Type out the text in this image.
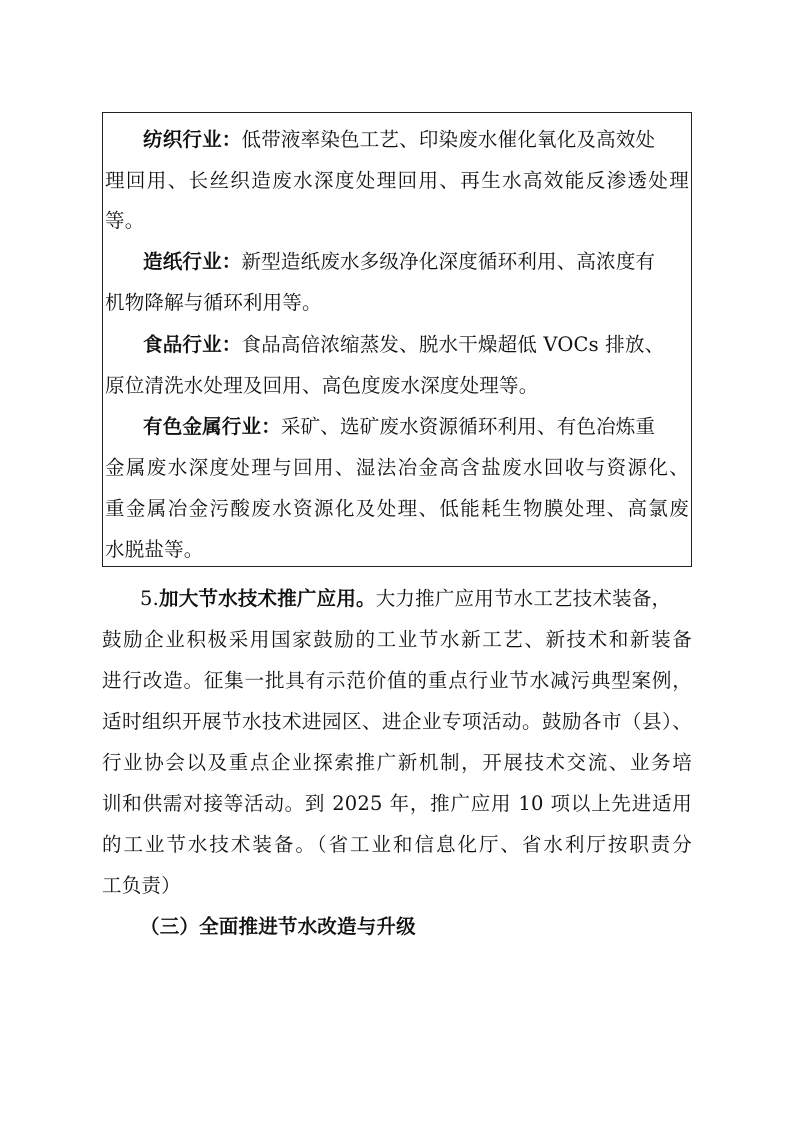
纺织行业：低带液率染色工艺、印染废水催化氧化及高效处
理回用、长丝织造废水深度处理回用、再生水高效能反渗透处理
等。
造纸行业：新型造纸废水多级净化深度循环利用、高浓度有
机物降解与循环利用等。
食品行业：食品高倍浓缩蒸发、脱水干燥超低 VOCs 排放、
原位清洗水处理及回用、高色度废水深度处理等。
有色金属行业：采矿、选矿废水资源循环利用、有色冶炼重
金属废水深度处理与回用、湿法冶金高含盐废水回收与资源化、
重金属冶金污酸废水资源化及处理、低能耗生物膜处理、高氯废
水脱盐等。
5.加大节水技术推广应用。大力推广应用节水工艺技术装备，
鼓励企业积极采用国家鼓励的工业节水新工艺、新技术和新装备
进行改造。征集一批具有示范价值的重点行业节水减污典型案例，
适时组织开展节水技术进园区、进企业专项活动。鼓励各市（县）、
行业协会以及重点企业探索推广新机制，开展技术交流、业务培
训和供需对接等活动。到 2025 年，推广应用 10 项以上先进适用
的工业节水技术装备。（省工业和信息化厅、省水利厅按职责分
工负责）
（三）全面推进节水改造与升级
